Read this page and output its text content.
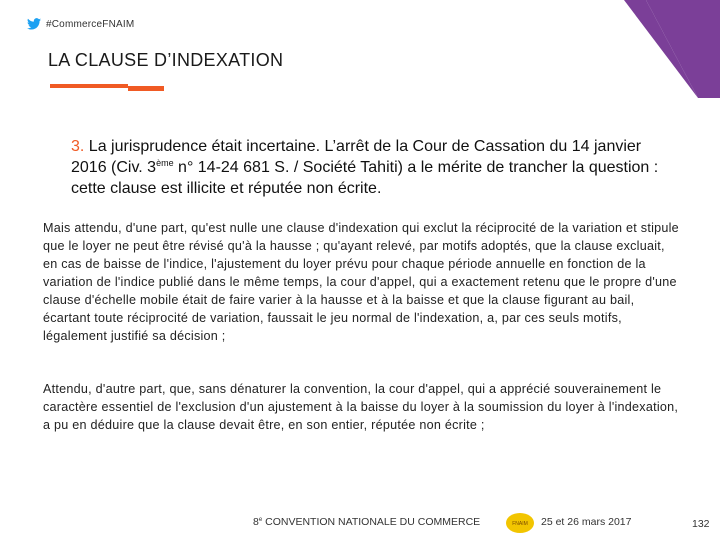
#CommerceFNAIM
LA CLAUSE D’INDEXATION
3. La jurisprudence était incertaine. L’arrêt de la Cour de Cassation du 14 janvier 2016 (Civ. 3ème n° 14-24 681 S. / Société Tahiti) a le mérite de trancher la question : cette clause est illicite et réputée non écrite.
Mais attendu, d'une part, qu'est nulle une clause d'indexation qui exclut la réciprocité de la variation et stipule que le loyer ne peut être révisé qu'à la hausse ; qu'ayant relevé, par motifs adoptés, que la clause excluait, en cas de baisse de l'indice, l'ajustement du loyer prévu pour chaque période annuelle en fonction de la variation de l'indice publié dans le même temps, la cour d'appel, qui a exactement retenu que le propre d'une clause d'échelle mobile était de faire varier à la hausse et à la baisse et que la clause figurant au bail, écartant toute réciprocité de variation, faussait le jeu normal de l'indexation, a, par ces seuls motifs, légalement justifié sa décision ;
Attendu, d'autre part, que, sans dénaturer la convention, la cour d'appel, qui a apprécié souverainement le caractère essentiel de l'exclusion d'un ajustement à la baisse du loyer à la soumission du loyer à l'indexation, a pu en déduire que la clause devait être, en son entier, réputée non écrite ;
8e CONVENTION NATIONALE DU COMMERCE	FNAIM 25 et 26 mars 2017	132
